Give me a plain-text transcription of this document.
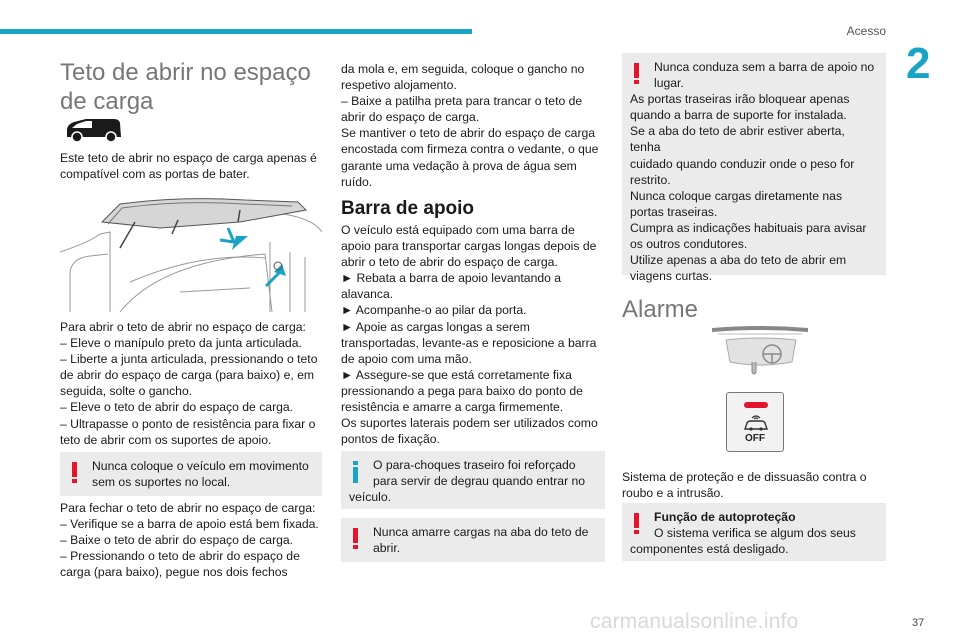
Acesso
2
Teto de abrir no espaço
de carga

Este teto de abrir no espaço de carga apenas é

compatível com as portas de bater.

Para abrir o teto de abrir no espaço de carga:

– Eleve o manípulo preto da junta articulada.

– Liberte a junta articulada, pressionando o teto

de abrir do espaço de carga (para baixo) e, em

seguida, solte o gancho.

– Eleve o teto de abrir do espaço de carga.

– Ultrapasse o ponto de resistência para fixar o

teto de abrir com os suportes de apoio.

Nunca coloque o veículo em movimento

sem os suportes no local.

Para fechar o teto de abrir no espaço de carga:

– Verifique se a barra de apoio está bem fixada.

– Baixe o teto de abrir do espaço de carga.

– Pressionando o teto de abrir do espaço de

carga (para baixo), pegue nos dois fechos

da mola e, em seguida, coloque o gancho no

respetivo alojamento.

– Baixe a patilha preta para trancar o teto de

abrir do espaço de carga.

Se mantiver o teto de abrir do espaço de carga

encostada com firmeza contra o vedante, o que

garante uma vedação à prova de água sem

ruído.

Barra de apoio

O veículo está equipado com uma barra de

apoio para transportar cargas longas depois de

abrir o teto de abrir do espaço de carga.

► Rebata a barra de apoio levantando a

alavanca.

► Acompanhe-o ao pilar da porta.

► Apoie as cargas longas a serem

transportadas, levante-as e reposicione a barra

de apoio com uma mão.

► Assegure-se que está corretamente fixa

pressionando a pega para baixo do ponto de

resistência e amarre a carga firmemente.

Os suportes laterais podem ser utilizados como

pontos de fixação.

O para-choques traseiro foi reforçado

para servir de degrau quando entrar no

veículo.

Nunca amarre cargas na aba do teto de

abrir.

Nunca conduza sem a barra de apoio no

lugar.

As portas traseiras irão bloquear apenas

quando a barra de suporte for instalada.

Se a aba do teto de abrir estiver aberta, tenha

cuidado quando conduzir onde o peso for

restrito.

Nunca coloque cargas diretamente nas

portas traseiras.

Cumpra as indicações habituais para avisar

os outros condutores.

Utilize apenas a aba do teto de abrir em

viagens curtas.

Alarme
OFF

Sistema de proteção e de dissuasão contra o

roubo e a intrusão.

Função de autoproteção

O sistema verifica se algum dos seus

componentes está desligado.

carmanualsonline.info	37
